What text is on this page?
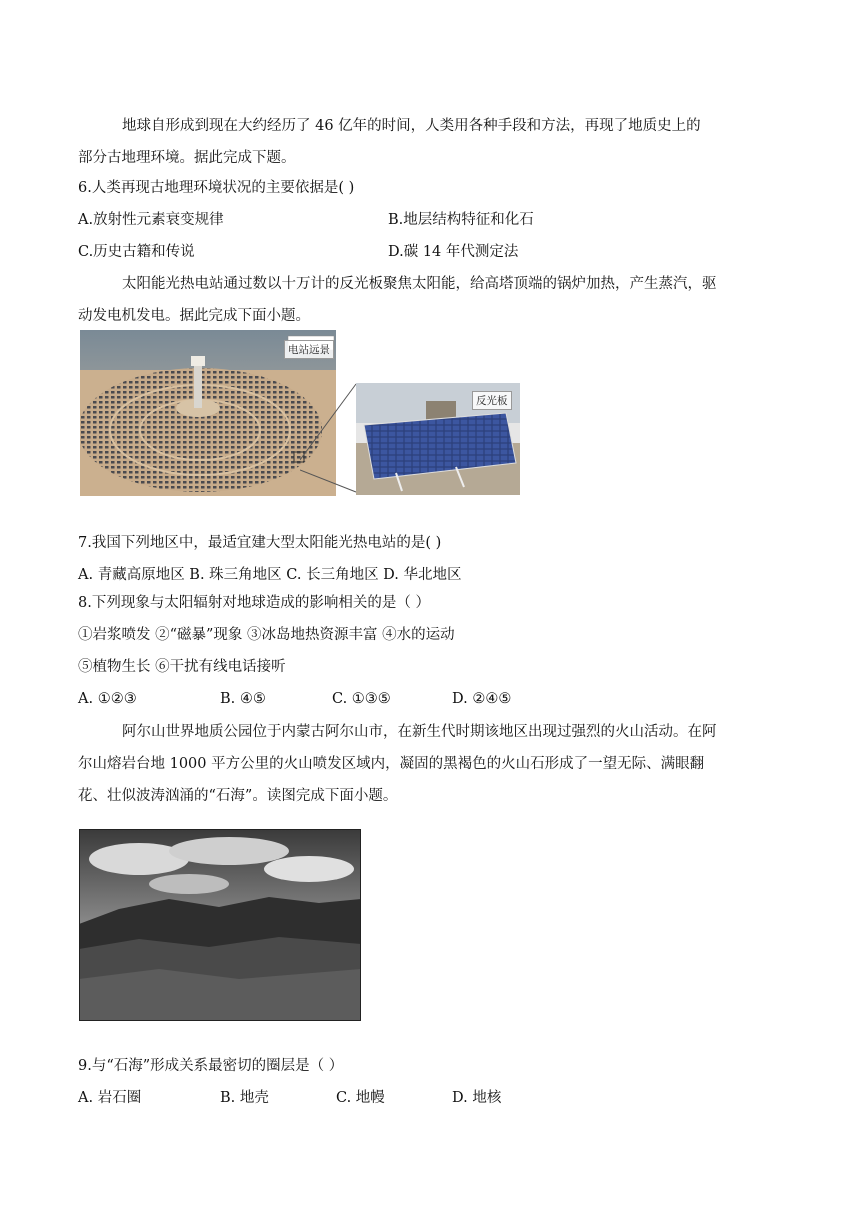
地球自形成到现在大约经历了 46 亿年的时间，人类用各种手段和方法，再现了地质史上的
部分古地理环境。据此完成下题。
6.人类再现古地理环境状况的主要依据是( )
A.放射性元素衰变规律	B.地层结构特征和化石
C.历史古籍和传说	D.碳 14 年代测定法
太阳能光热电站通过数以十万计的反光板聚焦太阳能，给高塔顶端的锅炉加热，产生蒸汽，驱
动发电机发电。据此完成下面小题。
电站远景
反光板
7.我国下列地区中，最适宜建大型太阳能光热电站的是( )
A. 青藏高原地区 B. 珠三角地区 C. 长三角地区 D. 华北地区
8.下列现象与太阳辐射对地球造成的影响相关的是（ ）
①岩浆喷发 ②“磁暴”现象 ③冰岛地热资源丰富 ④水的运动
⑤植物生长 ⑥干扰有线电话接听
A. ①②③	B. ④⑤	C. ①③⑤	D. ②④⑤
阿尔山世界地质公园位于内蒙古阿尔山市，在新生代时期该地区出现过强烈的火山活动。在阿
尔山熔岩台地 1000 平方公里的火山喷发区域内，凝固的黑褐色的火山石形成了一望无际、满眼翻
花、壮似波涛汹涌的“石海”。读图完成下面小题。
9.与“石海”形成关系最密切的圈层是（ ）
A. 岩石圈	B. 地壳	C. 地幔	D. 地核
